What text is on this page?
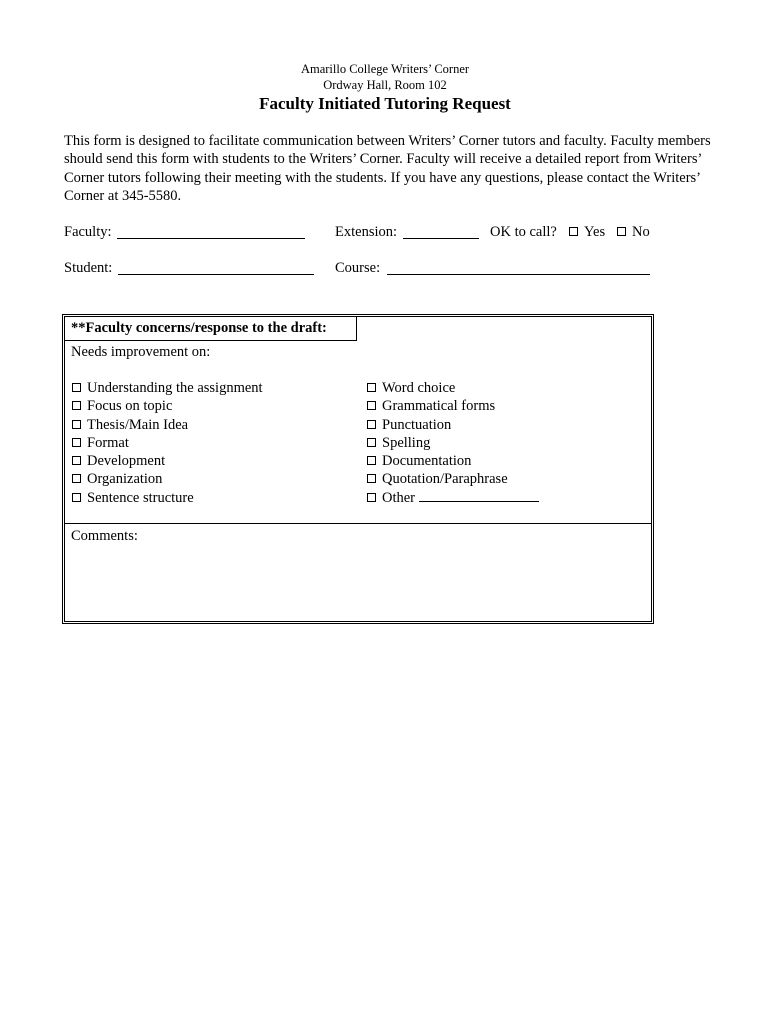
Amarillo College Writers’ Corner
Ordway Hall, Room 102
Faculty Initiated Tutoring Request
This form is designed to facilitate communication between Writers’ Corner tutors and faculty. Faculty members should send this form with students to the Writers’ Corner. Faculty will receive a detailed report from Writers’ Corner tutors following their meeting with the students. If you have any questions, please contact the Writers’ Corner at 345-5580.
Faculty:	Extension:	OK to call?	Yes	No
Student:	Course:
**Faculty concerns/response to the draft:
Needs improvement on:
Understanding the assignment
Focus on topic
Thesis/Main Idea
Format
Development
Organization
Sentence structure
Word choice
Grammatical forms
Punctuation
Spelling
Documentation
Quotation/Paraphrase
Other
Comments:
